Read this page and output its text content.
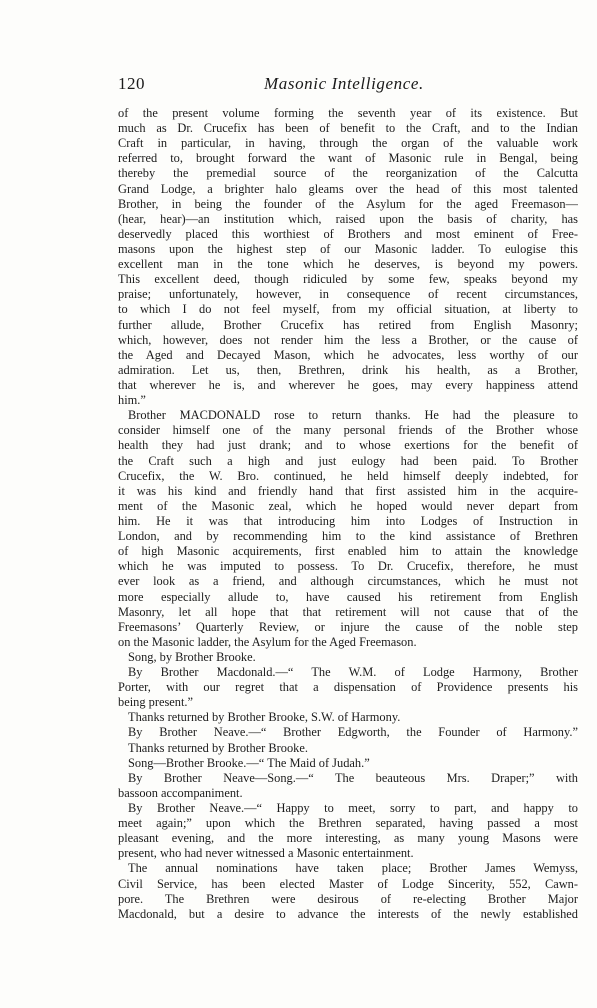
120	Masonic Intelligence.
of the present volume forming the seventh year of its existence. But
much as Dr. Crucefix has been of benefit to the Craft, and to the Indian
Craft in particular, in having, through the organ of the valuable work
referred to, brought forward the want of Masonic rule in Bengal, being
thereby the premedial source of the reorganization of the Calcutta
Grand Lodge, a brighter halo gleams over the head of this most talented
Brother, in being the founder of the Asylum for the aged Freemason—
(hear, hear)—an institution which, raised upon the basis of charity, has
deservedly placed this worthiest of Brothers and most eminent of Free-
masons upon the highest step of our Masonic ladder. To eulogise this
excellent man in the tone which he deserves, is beyond my powers.
This excellent deed, though ridiculed by some few, speaks beyond my
praise; unfortunately, however, in consequence of recent circumstances,
to which I do not feel myself, from my official situation, at liberty to
further allude, Brother Crucefix has retired from English Masonry;
which, however, does not render him the less a Brother, or the cause of
the Aged and Decayed Mason, which he advocates, less worthy of our
admiration. Let us, then, Brethren, drink his health, as a Brother,
that wherever he is, and wherever he goes, may every happiness attend
him.”
Brother MACDONALD rose to return thanks. He had the pleasure to
consider himself one of the many personal friends of the Brother whose
health they had just drank; and to whose exertions for the benefit of
the Craft such a high and just eulogy had been paid. To Brother
Crucefix, the W. Bro. continued, he held himself deeply indebted, for
it was his kind and friendly hand that first assisted him in the acquire-
ment of the Masonic zeal, which he hoped would never depart from
him. He it was that introducing him into Lodges of Instruction in
London, and by recommending him to the kind assistance of Brethren
of high Masonic acquirements, first enabled him to attain the knowledge
which he was imputed to possess. To Dr. Crucefix, therefore, he must
ever look as a friend, and although circumstances, which he must not
more especially allude to, have caused his retirement from English
Masonry, let all hope that that retirement will not cause that of the
Freemasons’ Quarterly Review, or injure the cause of the noble step
on the Masonic ladder, the Asylum for the Aged Freemason.
Song, by Brother Brooke.
By Brother Macdonald.—“ The W.M. of Lodge Harmony, Brother
Porter, with our regret that a dispensation of Providence presents his
being present.”
Thanks returned by Brother Brooke, S.W. of Harmony.
By Brother Neave.—“ Brother Edgworth, the Founder of Harmony.”
Thanks returned by Brother Brooke.
Song—Brother Brooke.—“ The Maid of Judah.”
By Brother Neave—Song.—“ The beauteous Mrs. Draper;” with
bassoon accompaniment.
By Brother Neave.—“ Happy to meet, sorry to part, and happy to
meet again;” upon which the Brethren separated, having passed a most
pleasant evening, and the more interesting, as many young Masons were
present, who had never witnessed a Masonic entertainment.
The annual nominations have taken place; Brother James Wemyss,
Civil Service, has been elected Master of Lodge Sincerity, 552, Cawn-
pore. The Brethren were desirous of re-electing Brother Major
Macdonald, but a desire to advance the interests of the newly established
